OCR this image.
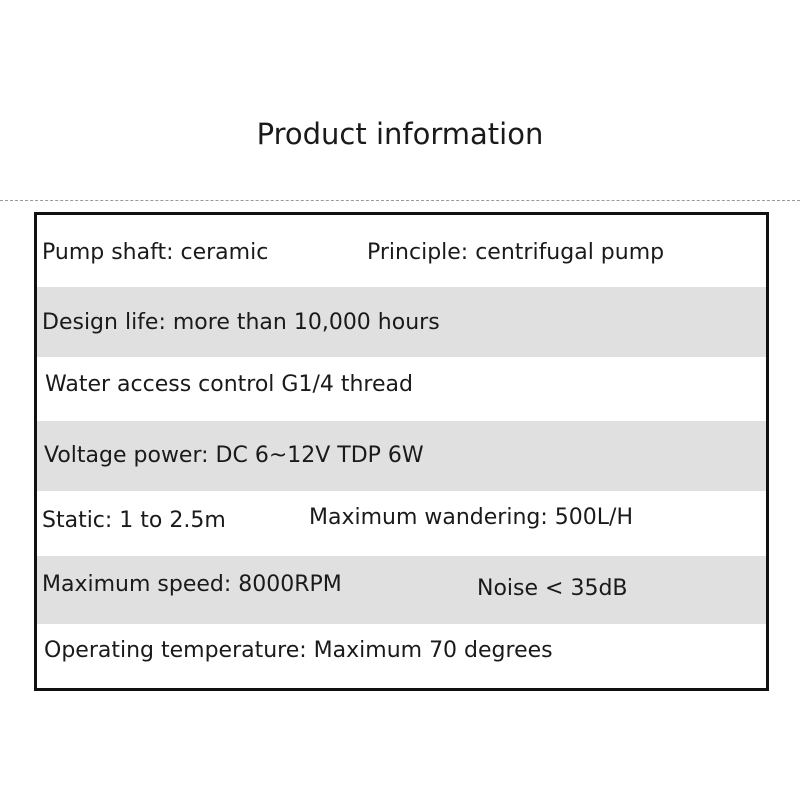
Product information
Pump shaft: ceramic	Principle: centrifugal pump
Design life: more than 10,000 hours
Water access control G1/4 thread
Voltage power: DC 6~12V TDP 6W
Static: 1 to 2.5m	Maximum wandering: 500L/H
Maximum speed: 8000RPM	Noise < 35dB
Operating temperature: Maximum 70 degrees
